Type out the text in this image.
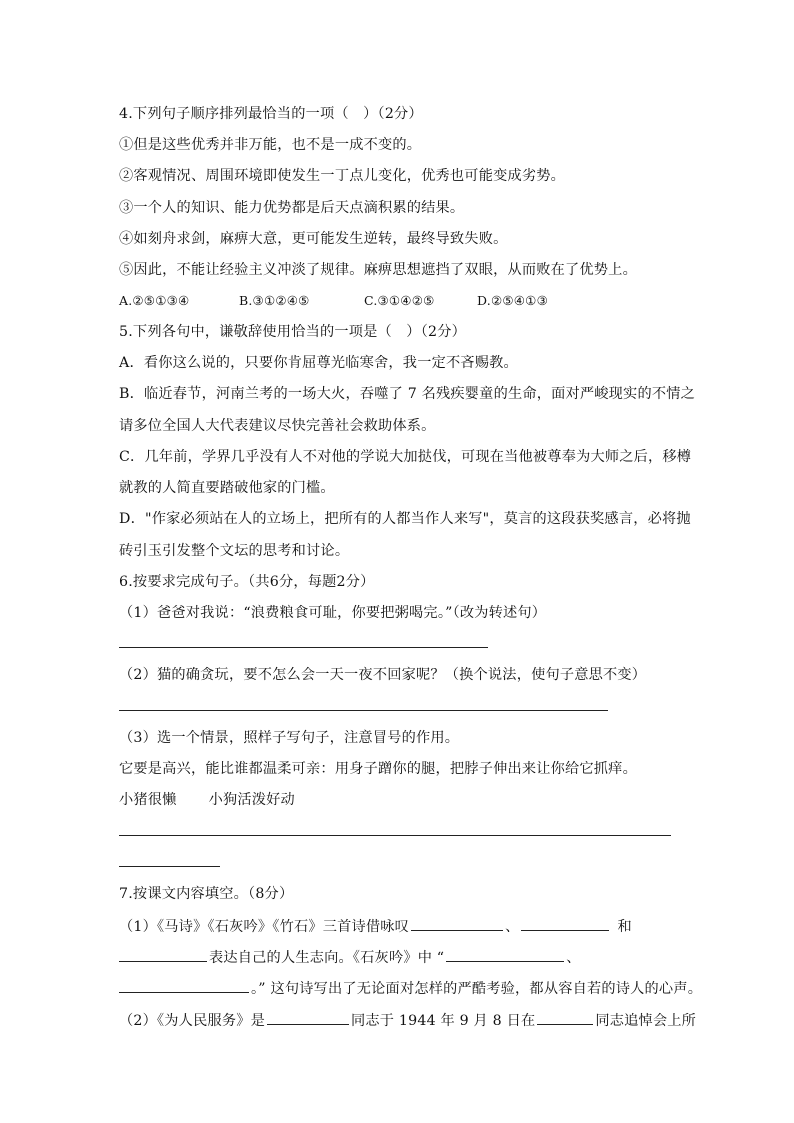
4.下列句子顺序排列最恰当的一项（　）（2分）
①但是这些优秀并非万能，也不是一成不变的。
②客观情况、周围环境即使发生一丁点儿变化，优秀也可能变成劣势。
③一个人的知识、能力优势都是后天点滴积累的结果。
④如刻舟求剑，麻痹大意，更可能发生逆转，最终导致失败。
⑤因此，不能让经验主义冲淡了规律。麻痹思想遮挡了双眼，从而败在了优势上。
A.②⑤①③④	B.③①②④⑤	C.③①④②⑤	D.②⑤④①③
5.下列各句中，谦敬辞使用恰当的一项是（　）（2分）
A．看你这么说的，只要你肯屈尊光临寒舍，我一定不吝赐教。
B．临近春节，河南兰考的一场大火，吞噬了 7 名残疾婴童的生命，面对严峻现实的不情之
请多位全国人大代表建议尽快完善社会救助体系。
C．几年前，学界几乎没有人不对他的学说大加挞伐，可现在当他被尊奉为大师之后，移樽
就教的人简直要踏破他家的门槛。
D．"作家必须站在人的立场上，把所有的人都当作人来写"，莫言的这段获奖感言，必将抛
砖引玉引发整个文坛的思考和讨论。
6.按要求完成句子。（共6分，每题2分）
（1）爸爸对我说：“浪费粮食可耻，你要把粥喝完。”（改为转述句）
（2）猫的确贪玩，要不怎么会一天一夜不回家呢？（换个说法，使句子意思不变）
（3）选一个情景，照样子写句子，注意冒号的作用。
它要是高兴，能比谁都温柔可亲：用身子蹭你的腿，把脖子伸出来让你给它抓痒。
小猪很懒 小狗活泼好动
7.按课文内容填空。（8分）
（1）《马诗》《石灰吟》《竹石》三首诗借咏叹	、	和
表达自己的人生志向。《石灰吟》中 “	、
。” 这句诗写出了无论面对怎样的严酷考验，都从容自若的诗人的心声。
（2）《为人民服务》是	同志于 1944 年 9 月 8 日在	同志追悼会上所
